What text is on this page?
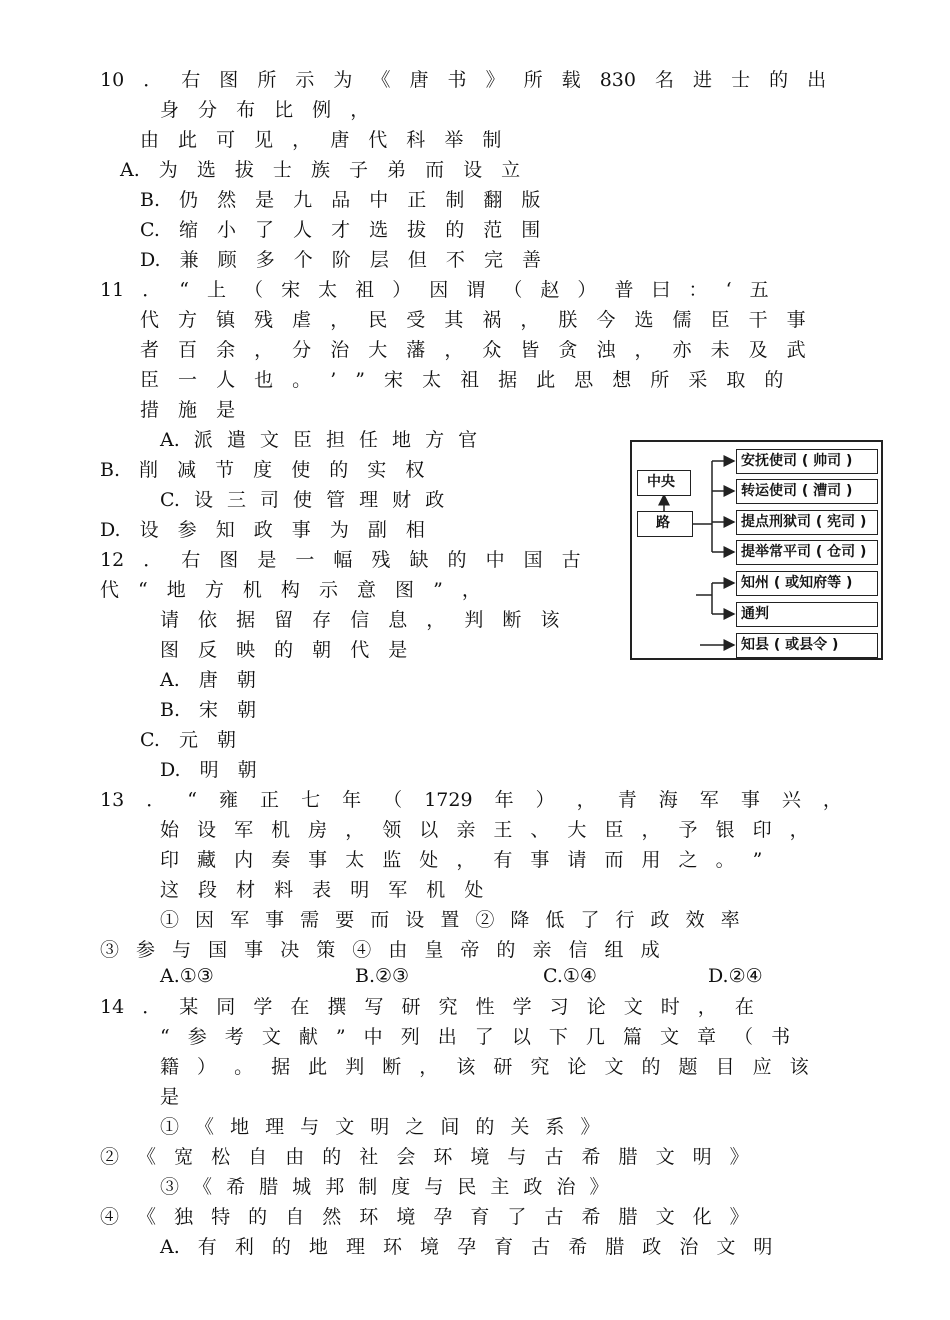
10 ． 右 图 所 示 为 《 唐 书 》 所 载 830 名 进 士 的 出
身 分 布 比 例 ，
由 此 可 见 ， 唐 代 科 举 制
A. 为 选 拔 士 族 子 弟 而 设 立
B. 仍 然 是 九 品 中 正 制 翻 版
C. 缩 小 了 人 才 选 拔 的 范 围
D. 兼 顾 多 个 阶 层 但 不 完 善
11 ． “ 上 （ 宋 太 祖 ） 因 谓 （ 赵 ） 普 曰 ： ‘ 五
代 方 镇 残 虐 ， 民 受 其 祸 ， 朕 今 选 儒 臣 干 事
者 百 余 ， 分 治 大 藩 ， 众 皆 贪 浊 ， 亦 未 及 武
臣 一 人 也 。 ’ ” 宋 太 祖 据 此 思 想 所 采 取 的
措 施 是
A. 派 遣 文 臣 担 任 地 方 官
B. 削 减 节 度 使 的 实 权
C. 设 三 司 使 管 理 财 政
D. 设 参 知 政 事 为 副 相
12 ． 右 图 是 一 幅 残 缺 的 中 国 古
代 “ 地 方 机 构 示 意 图 ” ，
请 依 据 留 存 信 息 ， 判 断 该
图 反 映 的 朝 代 是
A. 唐 朝
B. 宋 朝
C. 元 朝
D. 明 朝
13 ． “ 雍 正 七 年 （ 1729 年 ） ， 青 海 军 事 兴 ，
始 设 军 机 房 ， 领 以 亲 王 、 大 臣 ， 予 银 印 ，
印 藏 内 奏 事 太 监 处 ， 有 事 请 而 用 之 。 ”
这 段 材 料 表 明 军 机 处
① 因 军 事 需 要 而 设 置 ② 降 低 了 行 政 效 率
③ 参 与 国 事 决 策 ④ 由 皇 帝 的 亲 信 组 成
A.①③	B.②③	C.①④	D.②④
14 ． 某 同 学 在 撰 写 研 究 性 学 习 论 文 时 ， 在
“ 参 考 文 献 ” 中 列 出 了 以 下 几 篇 文 章 （ 书
籍 ） 。 据 此 判 断 ， 该 研 究 论 文 的 题 目 应 该
是
① 《 地 理 与 文 明 之 间 的 关 系 》
② 《 宽 松 自 由 的 社 会 环 境 与 古 希 腊 文 明 》
③ 《 希 腊 城 邦 制 度 与 民 主 政 治 》
④ 《 独 特 的 自 然 环 境 孕 育 了 古 希 腊 文 化 》
A. 有 利 的 地 理 环 境 孕 育 古 希 腊 政 治 文 明
中央
路
安抚使司 ( 帅司 )
转运使司 ( 漕司 )
提点刑狱司 ( 宪司 )
提举常平司 ( 仓司 )
知州 ( 或知府等 )
通判
知县 ( 或县令 )
